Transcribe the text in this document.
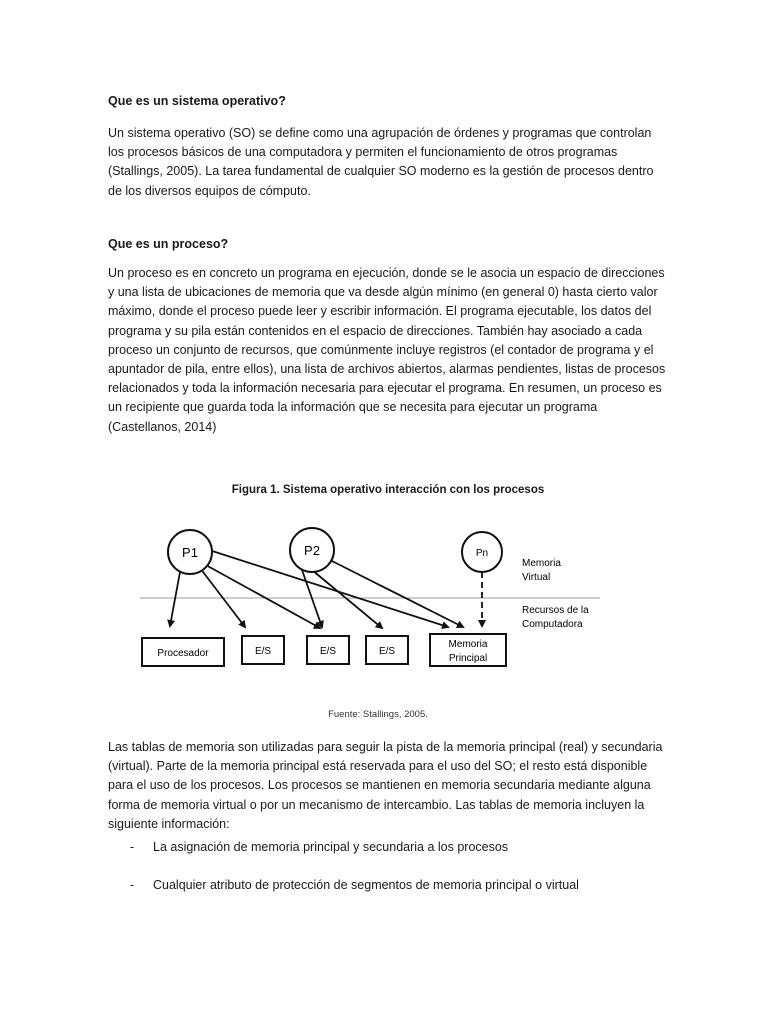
Que es un sistema operativo?

Un sistema operativo (SO) se define como una agrupación de órdenes y programas que controlan los procesos básicos de una computadora y permiten el funcionamiento de otros programas (Stallings, 2005). La tarea fundamental de cualquier SO moderno es la gestión de procesos dentro de los diversos equipos de cómputo.

Que es un proceso?

Un proceso es en concreto un programa en ejecución, donde se le asocia un espacio de direcciones y una lista de ubicaciones de memoria que va desde algún mínimo (en general 0) hasta cierto valor máximo, donde el proceso puede leer y escribir información. El programa ejecutable, los datos del programa y su pila están contenidos en el espacio de direcciones. También hay asociado a cada proceso un conjunto de recursos, que comúnmente incluye registros (el contador de programa y el apuntador de pila, entre ellos), una lista de archivos abiertos, alarmas pendientes, listas de procesos relacionados y toda la información necesaria para ejecutar el programa. En resumen, un proceso es un recipiente que guarda toda la información que se necesita para ejecutar un programa (Castellanos, 2014)

Figura 1. Sistema operativo interacción con los procesos
P1	P2	Pn
Memoria
Virtual
Recursos de la
Computadora
Procesador	E/S	E/S	E/S
Memoria
Principal
Fuente: Stallings, 2005.

Las tablas de memoria son utilizadas para seguir la pista de la memoria principal (real) y secundaria (virtual). Parte de la memoria principal está reservada para el uso del SO; el resto está disponible para el uso de los procesos. Los procesos se mantienen en memoria secundaria mediante alguna forma de memoria virtual o por un mecanismo de intercambio. Las tablas de memoria incluyen la siguiente información:

- La asignación de memoria principal y secundaria a los procesos
- Cualquier atributo de protección de segmentos de memoria principal o virtual
